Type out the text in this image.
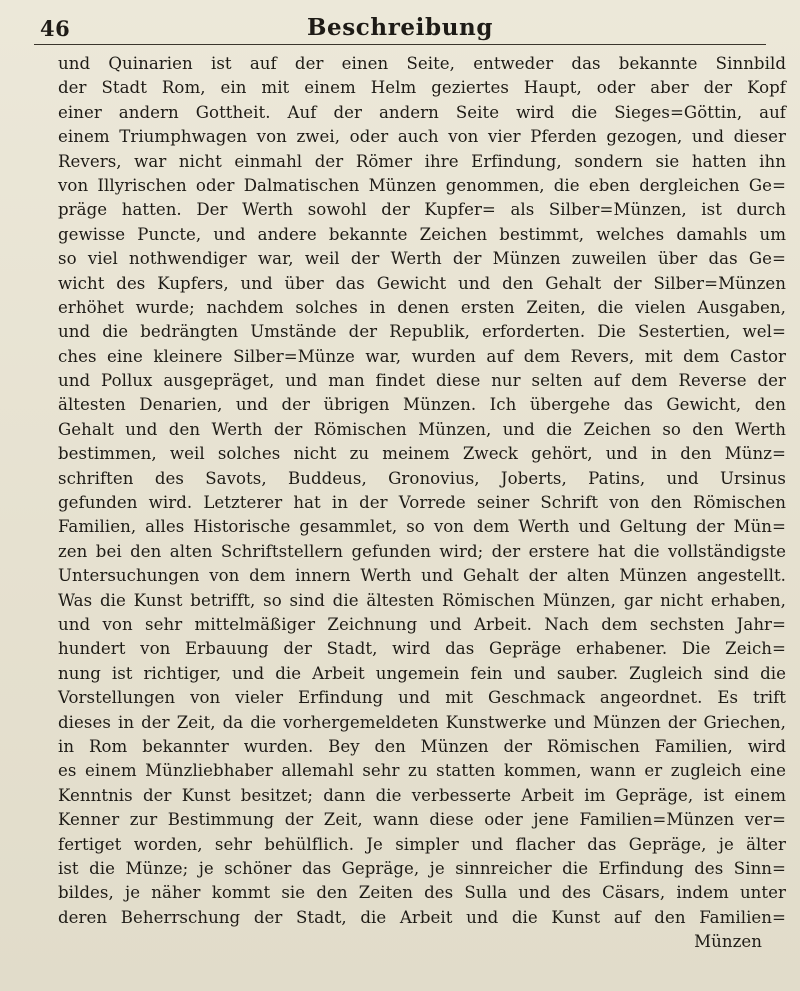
46	Beschreibung
und Quinarien ist auf der einen Seite, entweder das bekannte Sinnbild
der Stadt Rom, ein mit einem Helm geziertes Haupt, oder aber der Kopf
einer andern Gottheit. Auf der andern Seite wird die Sieges=Göttin, auf
einem Triumphwagen von zwei, oder auch von vier Pferden gezogen, und dieser
Revers, war nicht einmahl der Römer ihre Erfindung, sondern sie hatten ihn
von Illyrischen oder Dalmatischen Münzen genommen, die eben dergleichen Ge=
präge hatten. Der Werth sowohl der Kupfer= als Silber=Münzen, ist durch
gewisse Puncte, und andere bekannte Zeichen bestimmt, welches damahls um
so viel nothwendiger war, weil der Werth der Münzen zuweilen über das Ge=
wicht des Kupfers, und über das Gewicht und den Gehalt der Silber=Münzen
erhöhet wurde; nachdem solches in denen ersten Zeiten, die vielen Ausgaben,
und die bedrängten Umstände der Republik, erforderten. Die Sestertien, wel=
ches eine kleinere Silber=Münze war, wurden auf dem Revers, mit dem Castor
und Pollux ausgepräget, und man findet diese nur selten auf dem Reverse der
ältesten Denarien, und der übrigen Münzen. Ich übergehe das Gewicht, den
Gehalt und den Werth der Römischen Münzen, und die Zeichen so den Werth
bestimmen, weil solches nicht zu meinem Zweck gehört, und in den Münz=
schriften des Savots, Buddeus, Gronovius, Joberts, Patins, und Ursinus
gefunden wird. Letzterer hat in der Vorrede seiner Schrift von den Römischen
Familien, alles Historische gesammlet, so von dem Werth und Geltung der Mün=
zen bei den alten Schriftstellern gefunden wird; der erstere hat die vollständigste
Untersuchungen von dem innern Werth und Gehalt der alten Münzen angestellt.
Was die Kunst betrifft, so sind die ältesten Römischen Münzen, gar nicht erhaben,
und von sehr mittelmäßiger Zeichnung und Arbeit. Nach dem sechsten Jahr=
hundert von Erbauung der Stadt, wird das Gepräge erhabener. Die Zeich=
nung ist richtiger, und die Arbeit ungemein fein und sauber. Zugleich sind die
Vorstellungen von vieler Erfindung und mit Geschmack angeordnet. Es trift
dieses in der Zeit, da die vorhergemeldeten Kunstwerke und Münzen der Griechen,
in Rom bekannter wurden. Bey den Münzen der Römischen Familien, wird
es einem Münzliebhaber allemahl sehr zu statten kommen, wann er zugleich eine
Kenntnis der Kunst besitzet; dann die verbesserte Arbeit im Gepräge, ist einem
Kenner zur Bestimmung der Zeit, wann diese oder jene Familien=Münzen ver=
fertiget worden, sehr behülflich. Je simpler und flacher das Gepräge, je älter
ist die Münze; je schöner das Gepräge, je sinnreicher die Erfindung des Sinn=
bildes, je näher kommt sie den Zeiten des Sulla und des Cäsars, indem unter
deren Beherrschung der Stadt, die Arbeit und die Kunst auf den Familien=
Münzen
